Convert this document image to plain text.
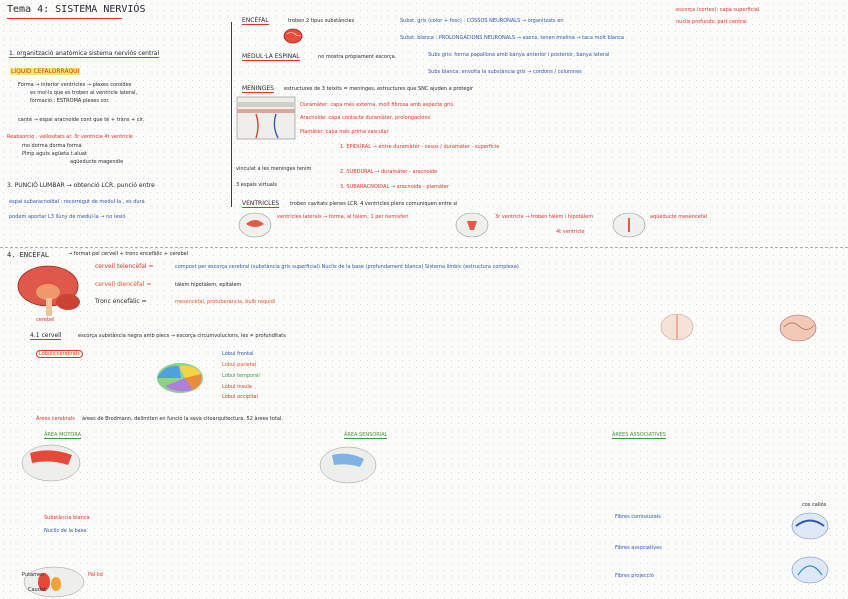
Tema 4: SISTEMA NERVIÓS
1. organització anatòmica sistema nerviós central
LÍQUID CEFALORRAQUI
Forma → interior ventricles → plexes coroïdes
es mol·ls que es troben al ventricle lateral,
formació : ESTROMA plexes cor.
canté → espai aracnoide cont que té + tràns + cir.
Reabsorció : vellositats ar. 3r ventricle 4t ventricle
mo dorma dorma forma
Plmp aguts agüeta t.aluat
aqüeducte magendie
3. PUNCIÓ LUMBAR → obtenció LCR, punció entre
espai subaracnoïdal : recorregut de medul·la , es dura
podem aportar L3 lluny de medul·la → no lesió
ENCÈFAL	troben 2 tipus substàncies	Subst. gris (color + fosc) : COSSOS NEURONALS → organitzats en
escorça (cortex): capa superficial
nuclis profunds: part central
Subst. blanca : PROLONGACIONS NEURONALS → axons, tenen mielina → taca molt blanca
MEDUL·LA ESPINAL	no mostra pròpiament escorça.	Subs gris: forma papallona amb banya anterior i posterior, banya lateral
Subs blanca: envolta la substància gris → cordons / columnes
MENINGES estructures de 3 teixits = meninges, estructures que SNC ajuden a protegir
Duramàter: capa més externa, molt fibrosa amb aspecte gris.
Aracnoide: capa contacte duramàter, prolongacions
Piamàter: capa més prima vascular
1. EPIDURAL → entre duramàter - ossos / duramàter - superfície
2. SUBDURAL → duramàter - aracnoide
3. SUBARACNOIDAL → aracnoide - piamàter
vinculat a les meninges tenim
3 espais virtuals
VENTRICLES troben cavitats plenes LCR. 4 ventricles plens comuniquen entre sí
ventricles laterals → forma, al tàlem, 1 per hemisferi	3r ventricle → troben tàlem i hipotàlem
4t ventricle
aqüeducte mesencèfal
4. ENCÈFAL	→ format pel cervell + tronc encefàlic + cerebel
cervell telencèfal =	compost per escorça cerebral (substància gris superficial) Nuclis de la base (profundament blanca) Sistema límbic (estructura complexa)
cervell diencèfal =	tàlem hipotàlem, epitàlem
Tronc encefàlic =	mesencèfal, protuberància, bulb raquidi
cerebel
4.1 cervell	escorça substància negra amb plecs → escorça circumvolucions, les ≠ profunditats
Lòbuls cerebrals	Lòbul frontal
Lòbul parietal
Lòbul temporal
Lòbul ínsula
Lòbul occipital
Àrees cerebrals àrees de Brodmann, delimiten en funció la seva citoarquitectura. 52 àrees total.
ÀREA MOTORA	ÀREA SENSORIAL	ÀREES ASSOCIATIVES
Substància blanca
Nuclis de la base
Putamen	Pàl·lid
Caudat
Fibres comissurals
Fibres associatives
Fibres projecció
cos callós
